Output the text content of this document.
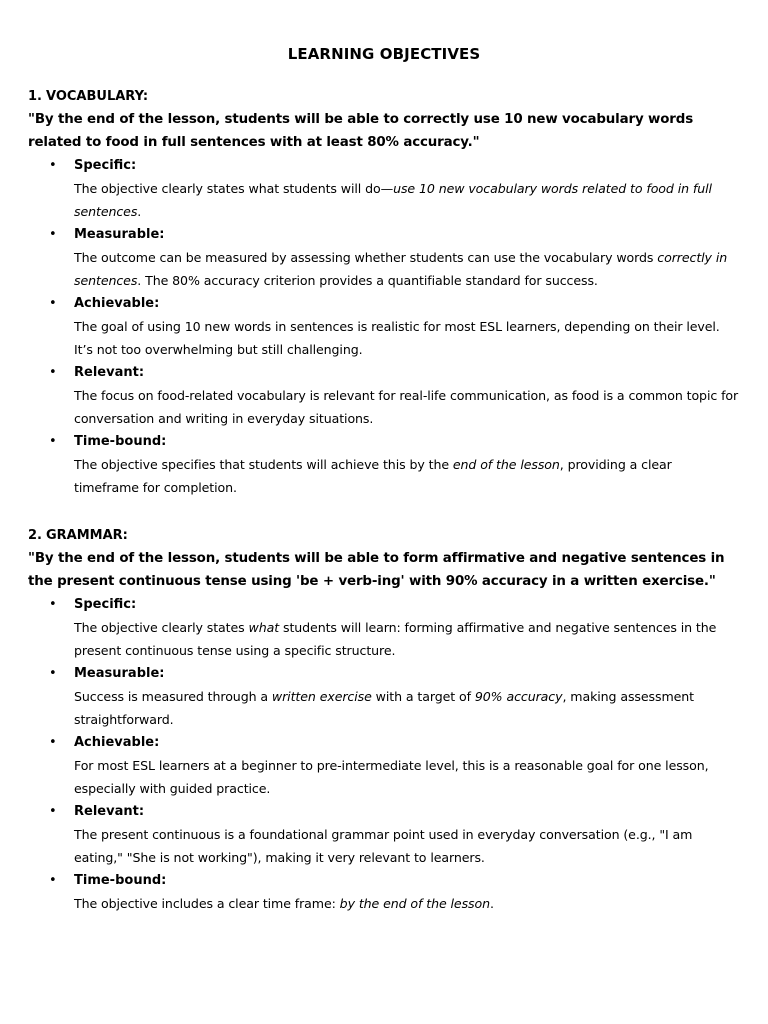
LEARNING OBJECTIVES
1. VOCABULARY:

"By the end of the lesson, students will be able to correctly use 10 new vocabulary words related to food in full sentences with at least 80% accuracy."

• Specific:
The objective clearly states what students will do—use 10 new vocabulary words related to food in full sentences.
• Measurable:
The outcome can be measured by assessing whether students can use the vocabulary words correctly in sentences. The 80% accuracy criterion provides a quantifiable standard for success.
• Achievable:
The goal of using 10 new words in sentences is realistic for most ESL learners, depending on their level. It’s not too overwhelming but still challenging.
• Relevant:
The focus on food-related vocabulary is relevant for real-life communication, as food is a common topic for conversation and writing in everyday situations.
• Time-bound:
The objective specifies that students will achieve this by the end of the lesson, providing a clear timeframe for completion.
2. GRAMMAR:

"By the end of the lesson, students will be able to form affirmative and negative sentences in the present continuous tense using 'be + verb-ing' with 90% accuracy in a written exercise."

• Specific:
The objective clearly states what students will learn: forming affirmative and negative sentences in the present continuous tense using a specific structure.
• Measurable:
Success is measured through a written exercise with a target of 90% accuracy, making assessment straightforward.
• Achievable:
For most ESL learners at a beginner to pre-intermediate level, this is a reasonable goal for one lesson, especially with guided practice.
• Relevant:
The present continuous is a foundational grammar point used in everyday conversation (e.g., "I am eating," "She is not working"), making it very relevant to learners.
• Time-bound:
The objective includes a clear time frame: by the end of the lesson.
